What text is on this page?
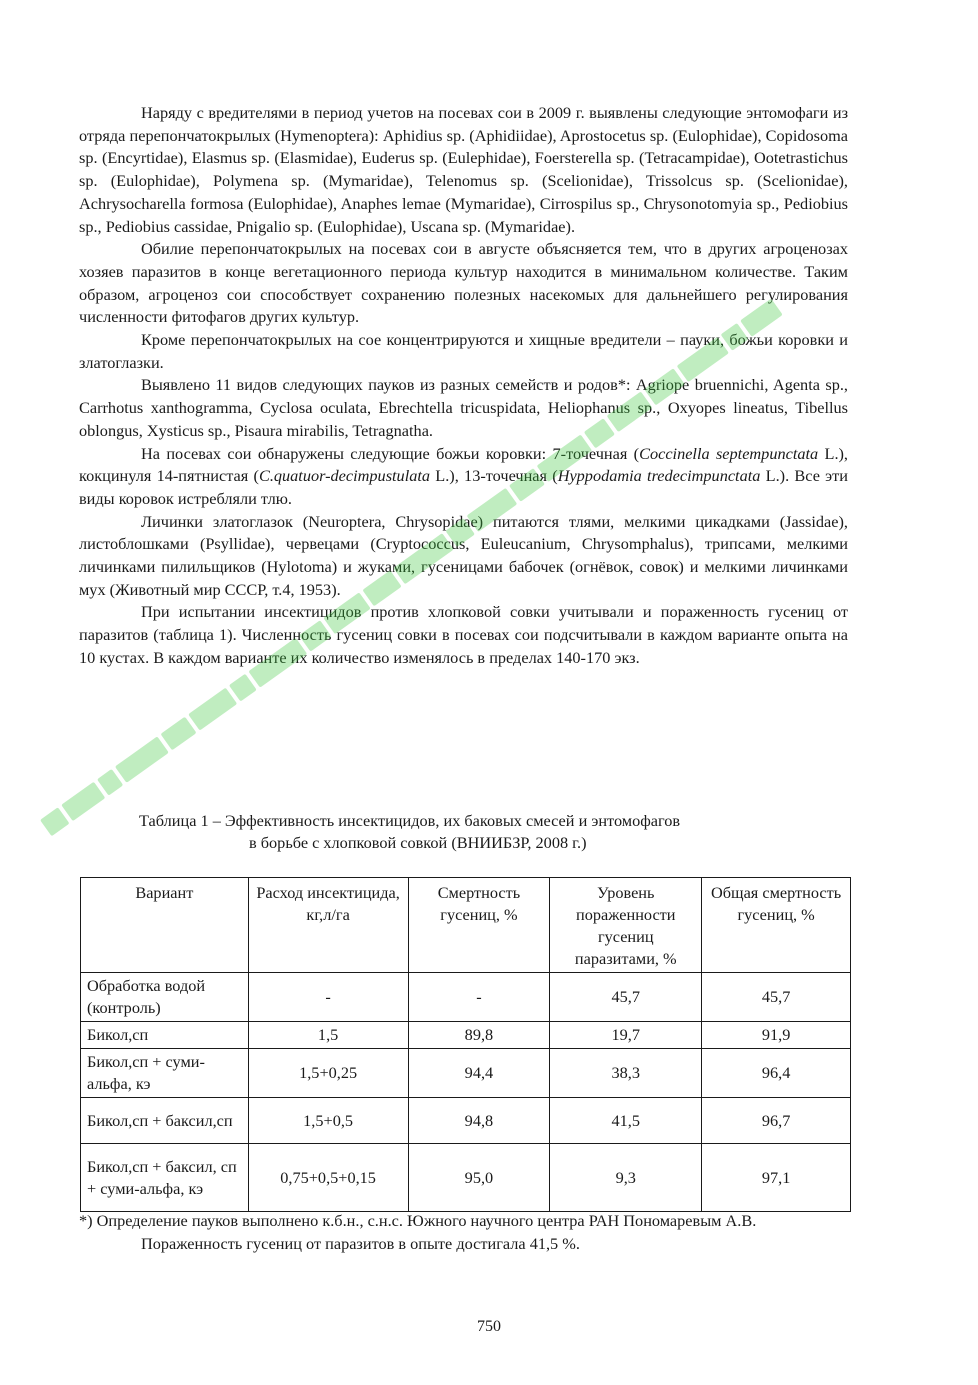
Наряду с вредителями в период учетов на посевах сои в 2009 г. выявлены следующие энтомофаги из отряда перепончатокрылых (Hymenoptera): Aphidius sp. (Aphidiidae), Aprostocetus sp. (Eulophidae), Copidosoma sp. (Encyrtidae), Elasmus sp. (Elasmidae), Euderus sp. (Eulephidae), Foersterella sp. (Tetracampidae), Ootetrastichus sp. (Eulophidae), Polymena sp. (Mymaridae), Telenomus sp. (Scelionidae), Trissolcus sp. (Scelionidae), Achrysocharella formosa (Eulophidae), Anaphes lemae (Mymaridae), Cirrospilus sp., Chrysonotomyia sp., Pediobius sp., Pediobius cassidae, Pnigalio sp. (Eulophidae), Uscana sp. (Mymaridae).

Обилие перепончатокрылых на посевах сои в августе объясняется тем, что в других агроценозах хозяев паразитов в конце вегетационного периода культур находится в минимальном количестве. Таким образом, агроценоз сои способствует сохранению полезных насекомых для дальнейшего регулирования численности фитофагов других культур.

Кроме перепончатокрылых на сое концентрируются и хищные вредители – пауки, божьи коровки и златоглазки.

Выявлено 11 видов следующих пауков из разных семейств и родов*: Agriope bruennichi, Agenta sp., Carrhotus xanthogramma, Cyclosa oculata, Ebrechtella tricuspidata, Heliophanus sp., Oxyopes lineatus, Tibellus oblongus, Xysticus sp., Pisaura mirabilis, Tetragnatha.

На посевах сои обнаружены следующие божьи коровки: 7-точечная (Coccinella septempunctata L.), кокцинуля 14-пятнистая (C.quatuor-decimpustulata L.), 13-точечная (Hyppodamia tredecimpunctata L.). Все эти виды коровок истребляли тлю.

Личинки златоглазок (Neuroptera, Chrysopidae) питаются тлями, мелкими цикадками (Jassidae), листоблошками (Psyllidae), червецами (Cryptococcus, Euleucanium, Chrysomphalus), трипсами, мелкими личинками пилильщиков (Hylotoma) и жуками, гусеницами бабочек (огнёвок, совок) и мелкими личинками мух (Животный мир СССР, т.4, 1953).

При испытании инсектицидов против хлопковой совки учитывали и пораженность гусениц от паразитов (таблица 1). Численность гусениц совки в посевах сои подсчитывали в каждом варианте опыта на 10 кустах. В каждом варианте их количество изменялось в пределах 140-170 экз.

Таблица 1 – Эффективность инсектицидов, их баковых смесей и энтомофагов
в борьбе с хлопковой совкой (ВНИИБЗР, 2008 г.)
Вариант	Расход инсектицида, кг,л/га	Смертность гусениц, %	Уровень пораженности гусениц паразитами, %	Общая смертность гусениц, %
Обработка водой (контроль)	-	-	45,7	45,7
Бикол,сп	1,5	89,8	19,7	91,9
Бикол,сп + суми-альфа, кэ	1,5+0,25	94,4	38,3	96,4
Бикол,сп + баксил,сп	1,5+0,5	94,8	41,5	96,7
Бикол,сп + баксил, сп + суми-альфа, кэ	0,75+0,5+0,15	95,0	9,3	97,1

*) Определение пауков выполнено к.б.н., с.н.с. Южного научного центра РАН Пономаревым А.В.

Пораженность гусениц от паразитов в опыте достигала 41,5 %.

750
